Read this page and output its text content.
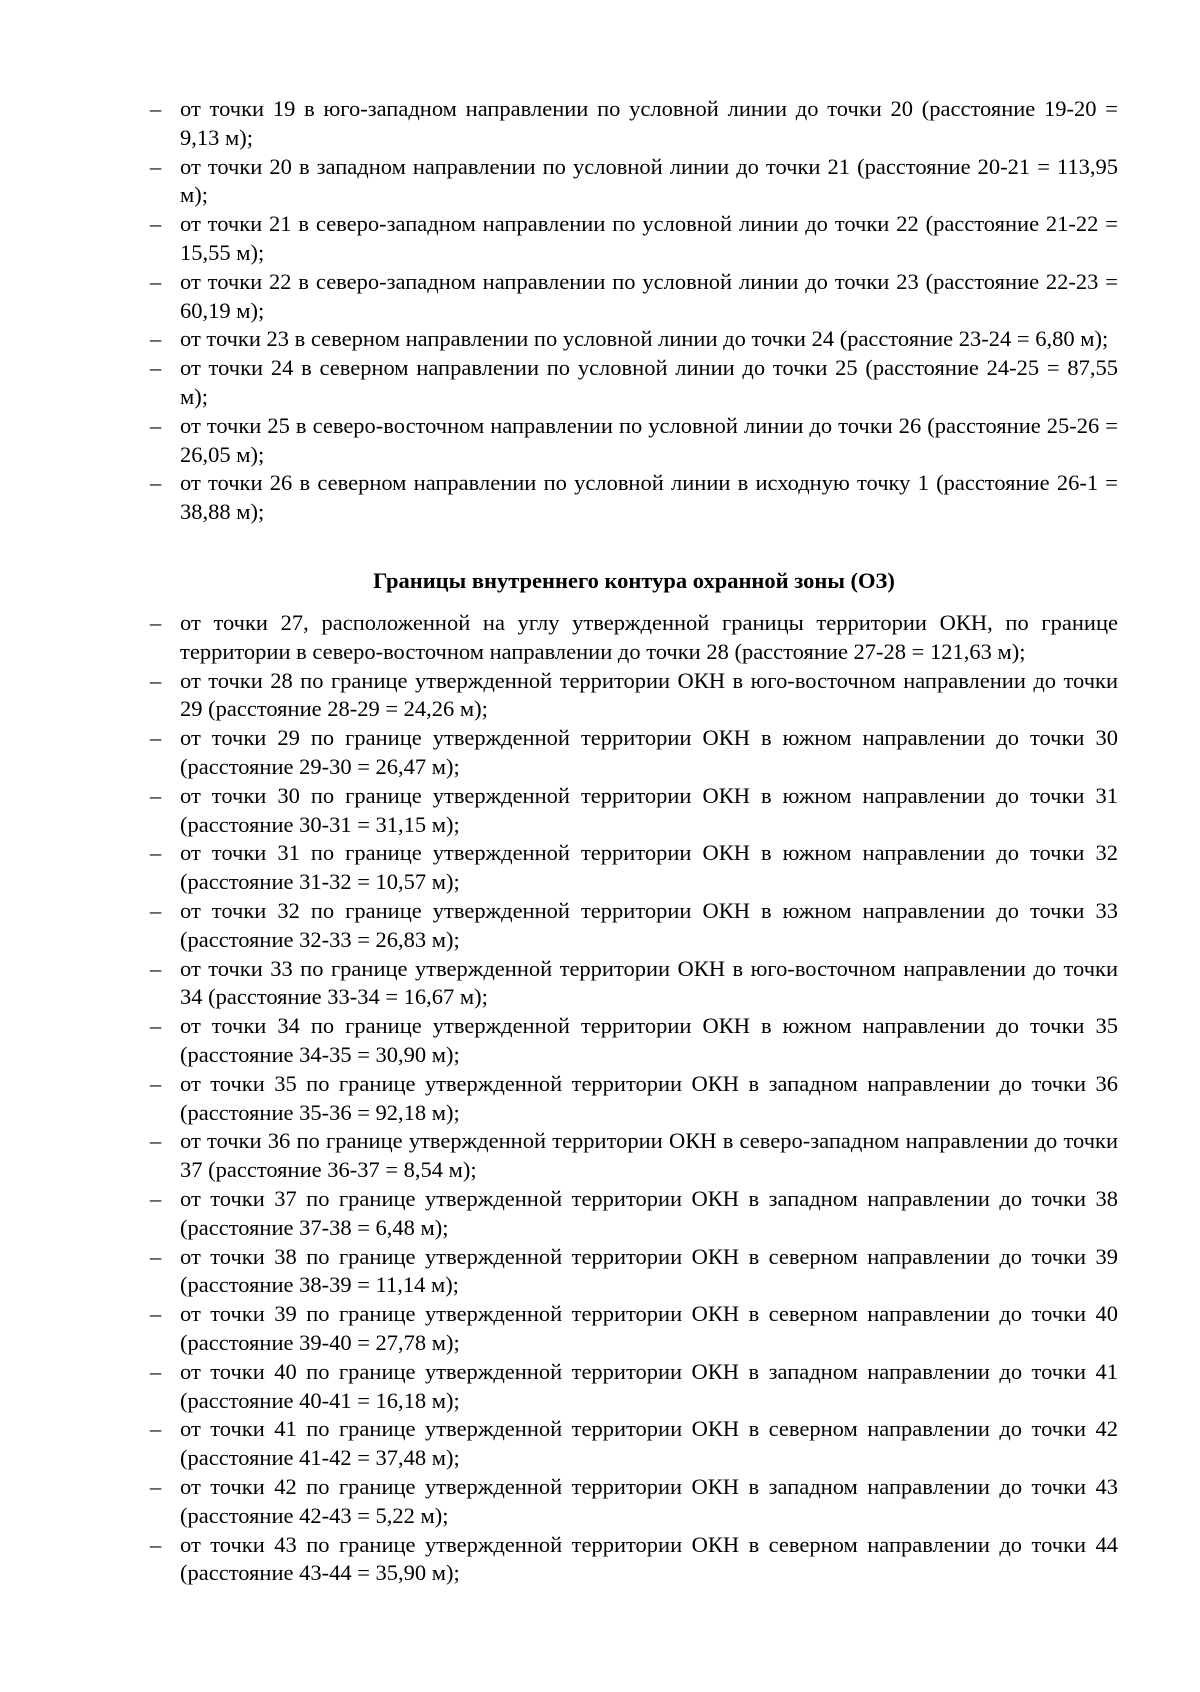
– от точки 19 в юго-западном направлении по условной линии до точки 20 (расстояние 19-20 = 9,13 м);
– от точки 20 в западном направлении по условной линии до точки 21 (расстояние 20-21 = 113,95 м);
– от точки 21 в северо-западном направлении по условной линии до точки 22 (расстояние 21-22 = 15,55 м);
– от точки 22 в северо-западном направлении по условной линии до точки 23 (расстояние 22-23 = 60,19 м);
– от точки 23 в северном направлении по условной линии до точки 24 (расстояние 23-24 = 6,80 м);
– от точки 24 в северном направлении по условной линии до точки 25 (расстояние 24-25 = 87,55 м);
– от точки 25 в северо-восточном направлении по условной линии до точки 26 (расстояние 25-26 = 26,05 м);
– от точки 26 в северном направлении по условной линии в исходную точку 1 (расстояние 26-1 = 38,88 м);
Границы внутреннего контура охранной зоны (ОЗ)
– от точки 27, расположенной на углу утвержденной границы территории ОКН, по границе территории в северо-восточном направлении до точки 28 (расстояние 27-28 = 121,63 м);
– от точки 28 по границе утвержденной территории ОКН в юго-восточном направлении до точки 29 (расстояние 28-29 = 24,26 м);
– от точки 29 по границе утвержденной территории ОКН в южном направлении до точки 30 (расстояние 29-30 = 26,47 м);
– от точки 30 по границе утвержденной территории ОКН в южном направлении до точки 31 (расстояние 30-31 = 31,15 м);
– от точки 31 по границе утвержденной территории ОКН в южном направлении до точки 32 (расстояние 31-32 = 10,57 м);
– от точки 32 по границе утвержденной территории ОКН в южном направлении до точки 33 (расстояние 32-33 = 26,83 м);
– от точки 33 по границе утвержденной территории ОКН в юго-восточном направлении до точки 34 (расстояние 33-34 = 16,67 м);
– от точки 34 по границе утвержденной территории ОКН в южном направлении до точки 35 (расстояние 34-35 = 30,90 м);
– от точки 35 по границе утвержденной территории ОКН в западном направлении до точки 36 (расстояние 35-36 = 92,18 м);
– от точки 36 по границе утвержденной территории ОКН в северо-западном направлении до точки 37 (расстояние 36-37 = 8,54 м);
– от точки 37 по границе утвержденной территории ОКН в западном направлении до точки 38 (расстояние 37-38 = 6,48 м);
– от точки 38 по границе утвержденной территории ОКН в северном направлении до точки 39 (расстояние 38-39 = 11,14 м);
– от точки 39 по границе утвержденной территории ОКН в северном направлении до точки 40 (расстояние 39-40 = 27,78 м);
– от точки 40 по границе утвержденной территории ОКН в западном направлении до точки 41 (расстояние 40-41 = 16,18 м);
– от точки 41 по границе утвержденной территории ОКН в северном направлении до точки 42 (расстояние 41-42 = 37,48 м);
– от точки 42 по границе утвержденной территории ОКН в западном направлении до точки 43 (расстояние 42-43 = 5,22 м);
– от точки 43 по границе утвержденной территории ОКН в северном направлении до точки 44 (расстояние 43-44 = 35,90 м);
